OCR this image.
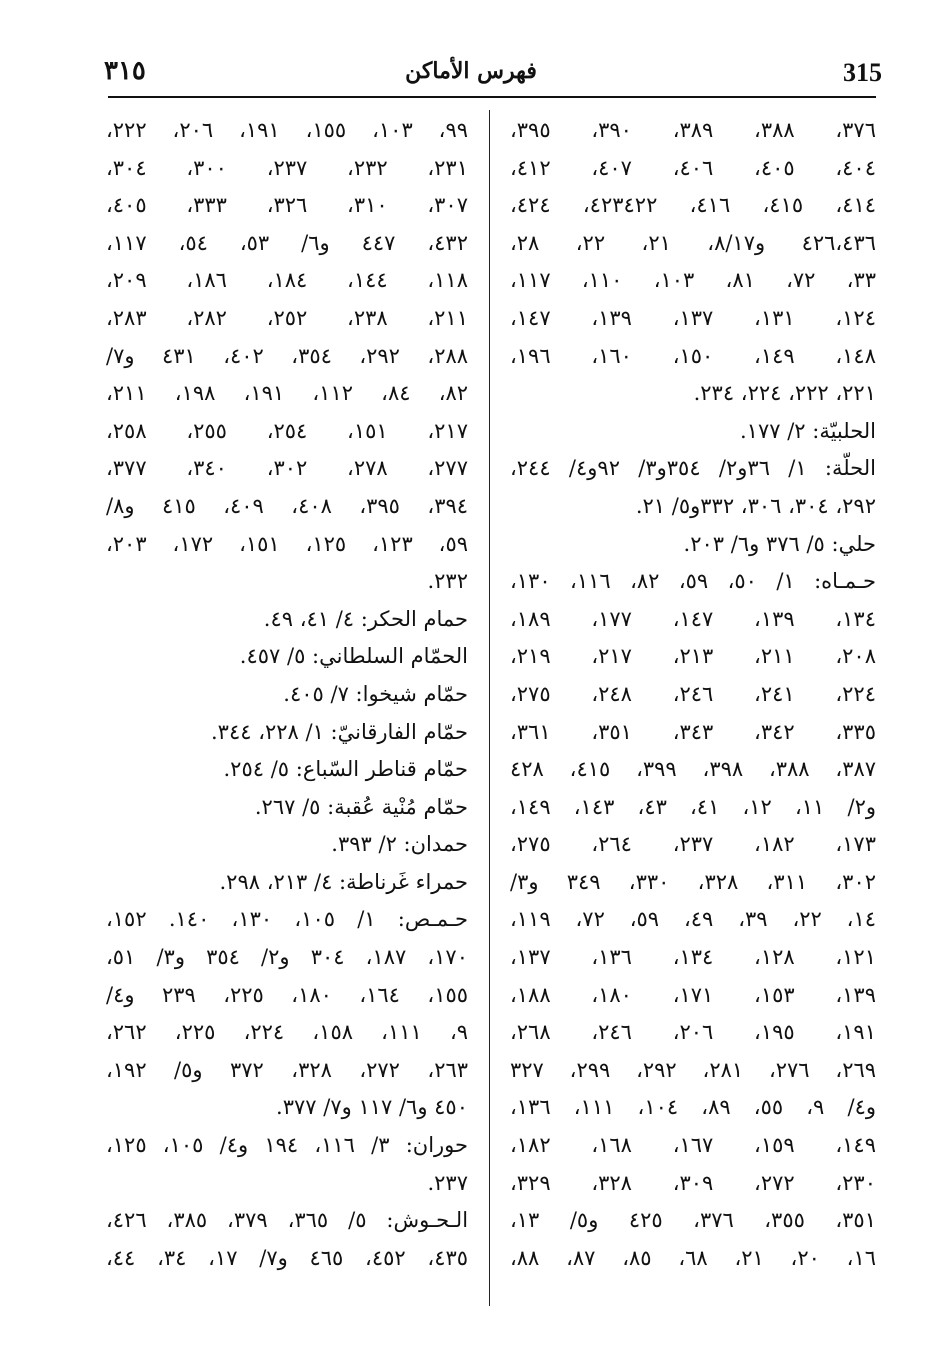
315
فهرس الأماكن
٣١٥
٣٧٦، ٣٨٨، ٣٨٩، ٣٩٠، ٣٩٥،
٤٠٤، ٤٠٥، ٤٠٦، ٤٠٧، ٤١٢،
٤١٤، ٤١٥، ٤١٦، ٤٢٣٤٢٢، ٤٢٤،
٤٢٦،٤٣٦ و٨/١٧، ٢١، ٢٢، ٢٨،
٣٣، ٧٢، ٨١، ١٠٣، ١١٠، ١١٧،
١٢٤، ١٣١، ١٣٧، ١٣٩، ١٤٧،
١٤٨، ١٤٩، ١٥٠، ١٦٠، ١٩٦،
٢٢١، ٢٢٢، ٢٢٤، ٢٣٤.
الحلبيّة: ٢/ ١٧٧.
الحلّة: ١/ ٣٦و٢/ ٣٥٤و٣/ ٩٢و٤/ ٢٤٤،
٢٩٢، ٣٠٤، ٣٠٦، ٣٣٢و٥/ ٢١.
حلي: ٥/ ٣٧٦ و٦/ ٢٠٣.
حـمـاه: ١/ ٥٠، ٥٩، ٨٢، ١١٦، ١٣٠،
١٣٤، ١٣٩، ١٤٧، ١٧٧، ١٨٩،
٢٠٨، ٢١١، ٢١٣، ٢١٧، ٢١٩،
٢٢٤، ٢٤١، ٢٤٦، ٢٤٨، ٢٧٥،
٣٣٥، ٣٤٢، ٣٤٣، ٣٥١، ٣٦١،
٣٨٧، ٣٨٨، ٣٩٨، ٣٩٩، ٤١٥، ٤٢٨
و٢/ ١١، ١٢، ٤١، ٤٣، ١٤٣، ١٤٩،
١٧٣، ١٨٢، ٢٣٧، ٢٦٤، ٢٧٥،
٣٠٢، ٣١١، ٣٢٨، ٣٣٠، ٣٤٩ و٣/
١٤، ٢٢، ٣٩، ٤٩، ٥٩، ٧٢، ١١٩،
١٢١، ١٢٨، ١٣٤، ١٣٦، ١٣٧،
١٣٩، ١٥٣، ١٧١، ١٨٠، ١٨٨،
١٩١، ١٩٥، ٢٠٦، ٢٤٦، ٢٦٨،
٢٦٩، ٢٧٦، ٢٨١، ٢٩٢، ٢٩٩، ٣٢٧
و٤/ ٩، ٥٥، ٨٩، ١٠٤، ١١١، ١٣٦،
١٤٩، ١٥٩، ١٦٧، ١٦٨، ١٨٢،
٢٣٠، ٢٧٢، ٣٠٩، ٣٢٨، ٣٢٩،
٣٥١، ٣٥٥، ٣٧٦، ٤٢٥ و٥/ ١٣،
١٦، ٢٠، ٢١، ٦٨، ٨٥، ٨٧، ٨٨،
٩٩، ١٠٣، ١٥٥، ١٩١، ٢٠٦، ٢٢٢،
٢٣١، ٢٣٢، ٢٣٧، ٣٠٠، ٣٠٤،
٣٠٧، ٣١٠، ٣٢٦، ٣٣٣، ٤٠٥،
٤٣٢، ٤٤٧ و٦/ ٥٣، ٥٤، ١١٧،
١١٨، ١٤٤، ١٨٤، ١٨٦، ٢٠٩،
٢١١، ٢٣٨، ٢٥٢، ٢٨٢، ٢٨٣،
٢٨٨، ٢٩٢، ٣٥٤، ٤٠٢، ٤٣١ و٧/
٨٢، ٨٤، ١١٢، ١٩١، ١٩٨، ٢١١،
٢١٧، ١٥١، ٢٥٤، ٢٥٥، ٢٥٨،
٢٧٧، ٢٧٨، ٣٠٢، ٣٤٠، ٣٧٧،
٣٩٤، ٣٩٥، ٤٠٨، ٤٠٩، ٤١٥ و٨/
٥٩، ١٢٣، ١٢٥، ١٥١، ١٧٢، ٢٠٣،
٢٣٢.
حمام الحكر: ٤/ ٤١، ٤٩.
الحمّام السلطاني: ٥/ ٤٥٧.
حمّام شيخوا: ٧/ ٤٠٥.
حمّام الفارقانيّ: ١/ ٢٢٨، ٣٤٤.
حمّام قناطر السّباع: ٥/ ٢٥٤.
حمّام مُنْية عُقبة: ٥/ ٢٦٧.
حمدان: ٢/ ٣٩٣.
حمراء غَرناطة: ٤/ ٢١٣، ٢٩٨.
حـمـص: ١/ ١٠٥، ١٣٠، ١٤٠. ١٥٢،
١٧٠، ١٨٧، ٣٠٤ و٢/ ٣٥٤ و٣/ ٥١،
١٥٥، ١٦٤، ١٨٠، ٢٢٥، ٢٣٩ و٤/
٩، ١١١، ١٥٨، ٢٢٤، ٢٢٥، ٢٦٢،
٢٦٣، ٢٧٢، ٣٢٨، ٣٧٢ و٥/ ١٩٢،
٤٥٠ و٦/ ١١٧ و٧/ ٣٧٧.
حوران: ٣/ ١١٦، ١٩٤ و٤/ ١٠٥، ١٢٥،
٢٣٧.
الـحـوش: ٥/ ٣٦٥، ٣٧٩، ٣٨٥، ٤٢٦،
٤٣٥، ٤٥٢، ٤٦٥ و٧/ ١٧، ٣٤، ٤٤،
